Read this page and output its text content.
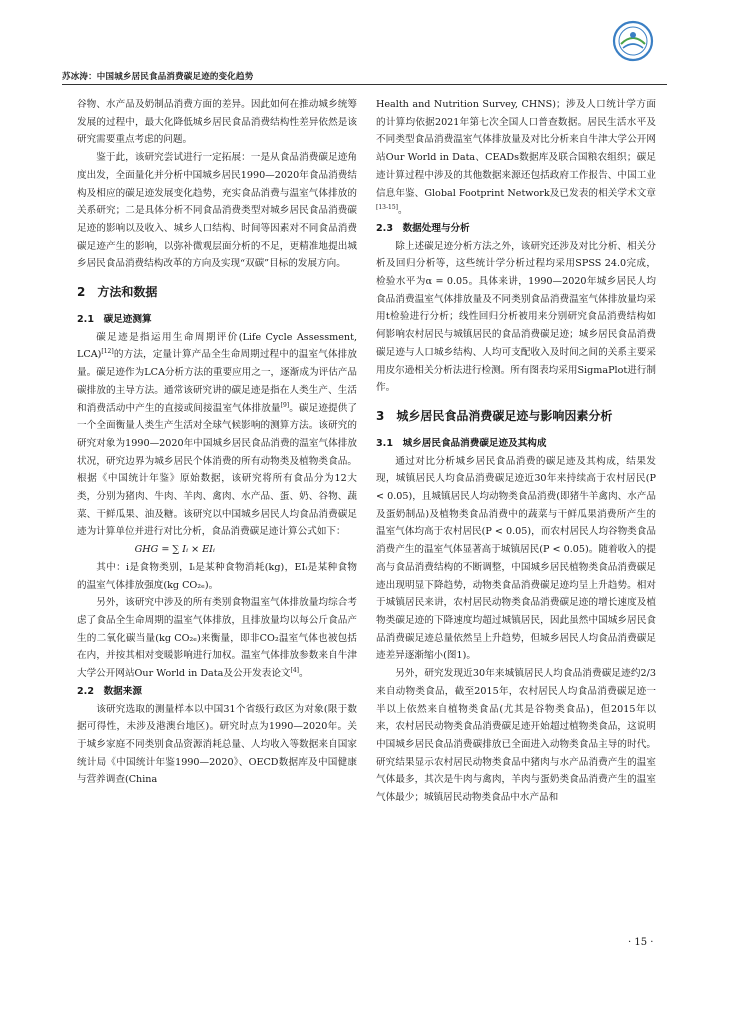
苏冰涛：中国城乡居民食品消费碳足迹的变化趋势

谷物、水产品及奶制品消费方面的差异。因此如何在推动城乡统筹发展的过程中，最大化降低城乡居民食品消费结构性差异依然是该研究需要重点考虑的问题。

鉴于此，该研究尝试进行一定拓展：一是从食品消费碳足迹角度出发，全面量化并分析中国城乡居民1990—2020年食品消费结构及相应的碳足迹发展变化趋势，充实食品消费与温室气体排放的关系研究；二是具体分析不同食品消费类型对城乡居民食品消费碳足迹的影响以及收入、城乡人口结构、时间等因素对不同食品消费碳足迹产生的影响，以弥补微观层面分析的不足，更精准地提出城乡居民食品消费结构改革的方向及实现“双碳”目标的发展方向。

2　方法和数据
2.1　碳足迹测算

碳足迹是指运用生命周期评价(Life Cycle Assessment, LCA)[12]的方法，定量计算产品全生命周期过程中的温室气体排放量。碳足迹作为LCA分析方法的重要应用之一，逐渐成为评估产品碳排放的主导方法。通常该研究讲的碳足迹是指在人类生产、生活和消费活动中产生的直接或间接温室气体排放量[9]。碳足迹提供了一个全面衡量人类生产生活对全球气候影响的测算方法。该研究的研究对象为1990—2020年中国城乡居民食品消费的温室气体排放状况，研究边界为城乡居民个体消费的所有动物类及植物类食品。根据《中国统计年鉴》原始数据，该研究将所有食品分为12大类，分别为猪肉、牛肉、羊肉、禽肉、水产品、蛋、奶、谷物、蔬菜、干鲜瓜果、油及糖。该研究以中国城乡居民人均食品消费碳足迹为计算单位并进行对比分析，食品消费碳足迹计算公式如下：

GHG = ∑ Iᵢ × EIᵢ

其中：i是食物类别，Iᵢ是某种食物消耗(kg)，EIᵢ是某种食物的温室气体排放强度(kg CO₂ₑ)。

另外，该研究中涉及的所有类别食物温室气体排放量均综合考虑了食品全生命周期的温室气体排放，且排放量均以每公斤食品产生的二氧化碳当量(kg CO₂ₑ)来衡量，即非CO₂温室气体也被包括在内，并按其相对变暖影响进行加权。温室气体排放参数来自牛津大学公开网站Our World in Data及公开发表论文[4]。

2.2　数据来源

该研究选取的测量样本以中国31个省级行政区为对象(限于数据可得性，未涉及港澳台地区)。研究时点为1990—2020年。关于城乡家庭不同类别食品资源消耗总量、人均收入等数据来自国家统计局《中国统计年鉴1990—2020》、OECD数据库及中国健康与营养调查(China

Health and Nutrition Survey, CHNS)；涉及人口统计学方面的计算均依据2021年第七次全国人口普查数据。居民生活水平及不同类型食品消费温室气体排放量及对比分析来自牛津大学公开网站Our World in Data、CEADs数据库及联合国粮农组织；碳足迹计算过程中涉及的其他数据来源还包括政府工作报告、中国工业信息年鉴、Global Footprint Network及已发表的相关学术文章[13-15]。

2.3　数据处理与分析

除上述碳足迹分析方法之外，该研究还涉及对比分析、相关分析及回归分析等，这些统计学分析过程均采用SPSS 24.0完成，检验水平为α = 0.05。具体来讲，1990—2020年城乡居民人均食品消费温室气体排放量及不同类别食品消费温室气体排放量均采用t检验进行分析；线性回归分析被用来分别研究食品消费结构如何影响农村居民与城镇居民的食品消费碳足迹；城乡居民食品消费碳足迹与人口城乡结构、人均可支配收入及时间之间的关系主要采用皮尔逊相关分析法进行检测。所有图表均采用SigmaPlot进行制作。

3　城乡居民食品消费碳足迹与影响因素分析
3.1　城乡居民食品消费碳足迹及其构成

通过对比分析城乡居民食品消费的碳足迹及其构成，结果发现，城镇居民人均食品消费碳足迹近30年来持续高于农村居民(P < 0.05)，且城镇居民人均动物类食品消费(即猪牛羊禽肉、水产品及蛋奶制品)及植物类食品消费中的蔬菜与干鲜瓜果消费所产生的温室气体均高于农村居民(P < 0.05)，而农村居民人均谷物类食品消费产生的温室气体显著高于城镇居民(P < 0.05)。随着收入的提高与食品消费结构的不断调整，中国城乡居民植物类食品消费碳足迹出现明显下降趋势，动物类食品消费碳足迹均呈上升趋势。相对于城镇居民来讲，农村居民动物类食品消费碳足迹的增长速度及植物类碳足迹的下降速度均超过城镇居民，因此虽然中国城乡居民食品消费碳足迹总量依然呈上升趋势，但城乡居民人均食品消费碳足迹差异逐渐缩小(图1)。

另外，研究发现近30年来城镇居民人均食品消费碳足迹约2/3来自动物类食品，截至2015年，农村居民人均食品消费碳足迹一半以上依然来自植物类食品(尤其是谷物类食品)，但2015年以来，农村居民动物类食品消费碳足迹开始超过植物类食品，这说明中国城乡居民食品消费碳排放已全面进入动物类食品主导的时代。研究结果显示农村居民动物类食品中猪肉与水产品消费产生的温室气体最多，其次是牛肉与禽肉，羊肉与蛋奶类食品消费产生的温室气体最少；城镇居民动物类食品中水产品和

· 15 ·
